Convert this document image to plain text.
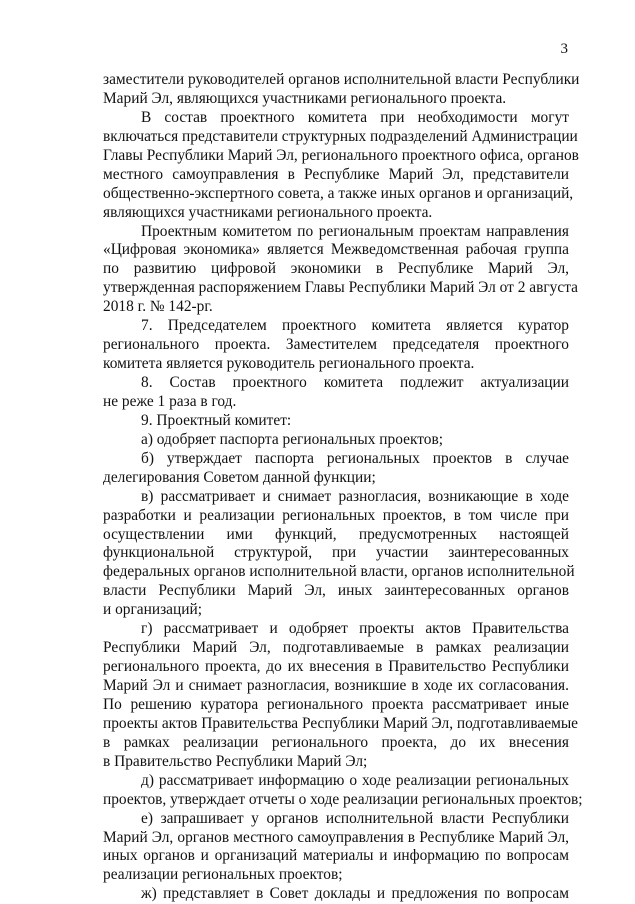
3
заместители руководителей органов исполнительной власти Республики
Марий Эл, являющихся участниками регионального проекта.
В состав проектного комитета при необходимости могут
включаться представители структурных подразделений Администрации
Главы Республики Марий Эл, регионального проектного офиса, органов
местного самоуправления в Республике Марий Эл, представители
общественно-экспертного совета, а также иных органов и организаций,
являющихся участниками регионального проекта.
Проектным комитетом по региональным проектам направления
«Цифровая экономика» является Межведомственная рабочая группа
по развитию цифровой экономики в Республике Марий Эл,
утвержденная распоряжением Главы Республики Марий Эл от 2 августа
2018 г. № 142-рг.
7. Председателем проектного комитета является куратор
регионального проекта. Заместителем председателя проектного
комитета является руководитель регионального проекта.
8. Состав проектного комитета подлежит актуализации
не реже 1 раза в год.
9. Проектный комитет:
а) одобряет паспорта региональных проектов;
б) утверждает паспорта региональных проектов в случае
делегирования Советом данной функции;
в) рассматривает и снимает разногласия, возникающие в ходе
разработки и реализации региональных проектов, в том числе при
осуществлении ими функций, предусмотренных настоящей
функциональной структурой, при участии заинтересованных
федеральных органов исполнительной власти, органов исполнительной
власти Республики Марий Эл, иных заинтересованных органов
и организаций;
г) рассматривает и одобряет проекты актов Правительства
Республики Марий Эл, подготавливаемые в рамках реализации
регионального проекта, до их внесения в Правительство Республики
Марий Эл и снимает разногласия, возникшие в ходе их согласования.
По решению куратора регионального проекта рассматривает иные
проекты актов Правительства Республики Марий Эл, подготавливаемые
в рамках реализации регионального проекта, до их внесения
в Правительство Республики Марий Эл;
д) рассматривает информацию о ходе реализации региональных
проектов, утверждает отчеты о ходе реализации региональных проектов;
е) запрашивает у органов исполнительной власти Республики
Марий Эл, органов местного самоуправления в Республике Марий Эл,
иных органов и организаций материалы и информацию по вопросам
реализации региональных проектов;
ж) представляет в Совет доклады и предложения по вопросам
